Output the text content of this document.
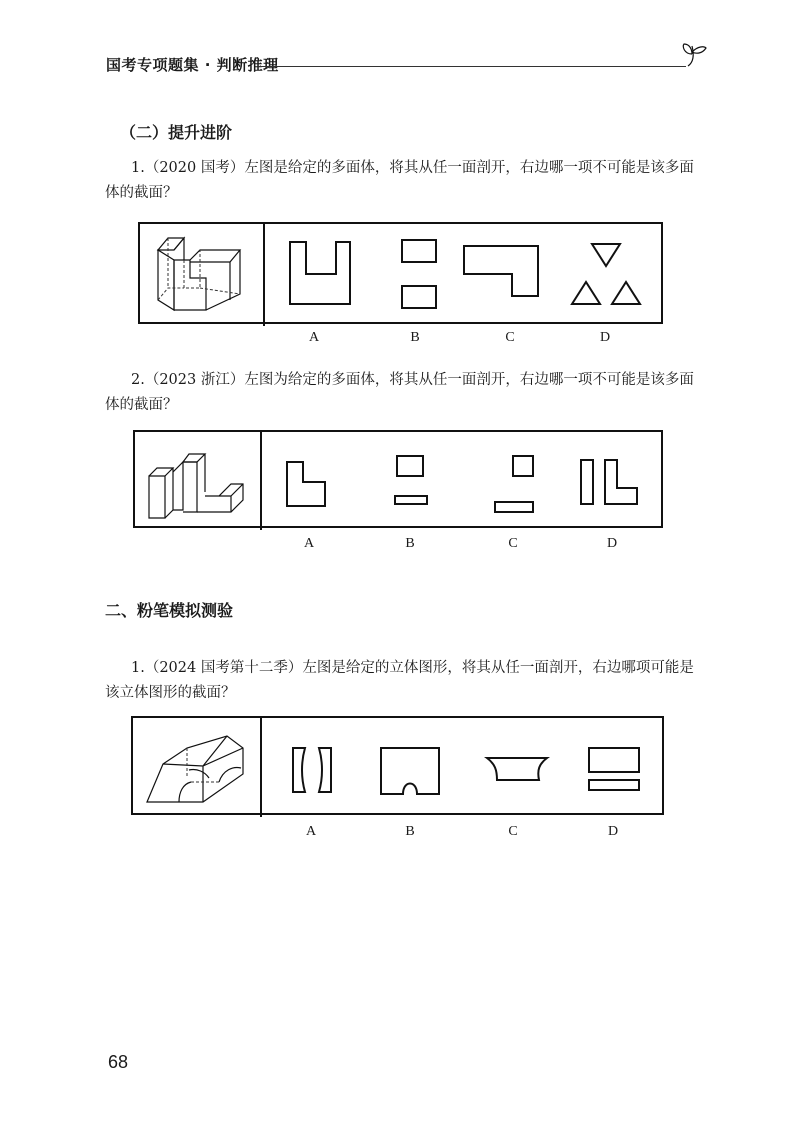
国考专项题集 · 判断推理
（二）提升进阶
1.（2020 国考）左图是给定的多面体，将其从任一面剖开，右边哪一项不可能是该多面体的截面？
A	B	C	D
2.（2023 浙江）左图为给定的多面体，将其从任一面剖开，右边哪一项不可能是该多面体的截面？
A	B	C	D
二、粉笔模拟测验
1.（2024 国考第十二季）左图是给定的立体图形，将其从任一面剖开，右边哪项可能是该立体图形的截面？
A	B	C	D
68
